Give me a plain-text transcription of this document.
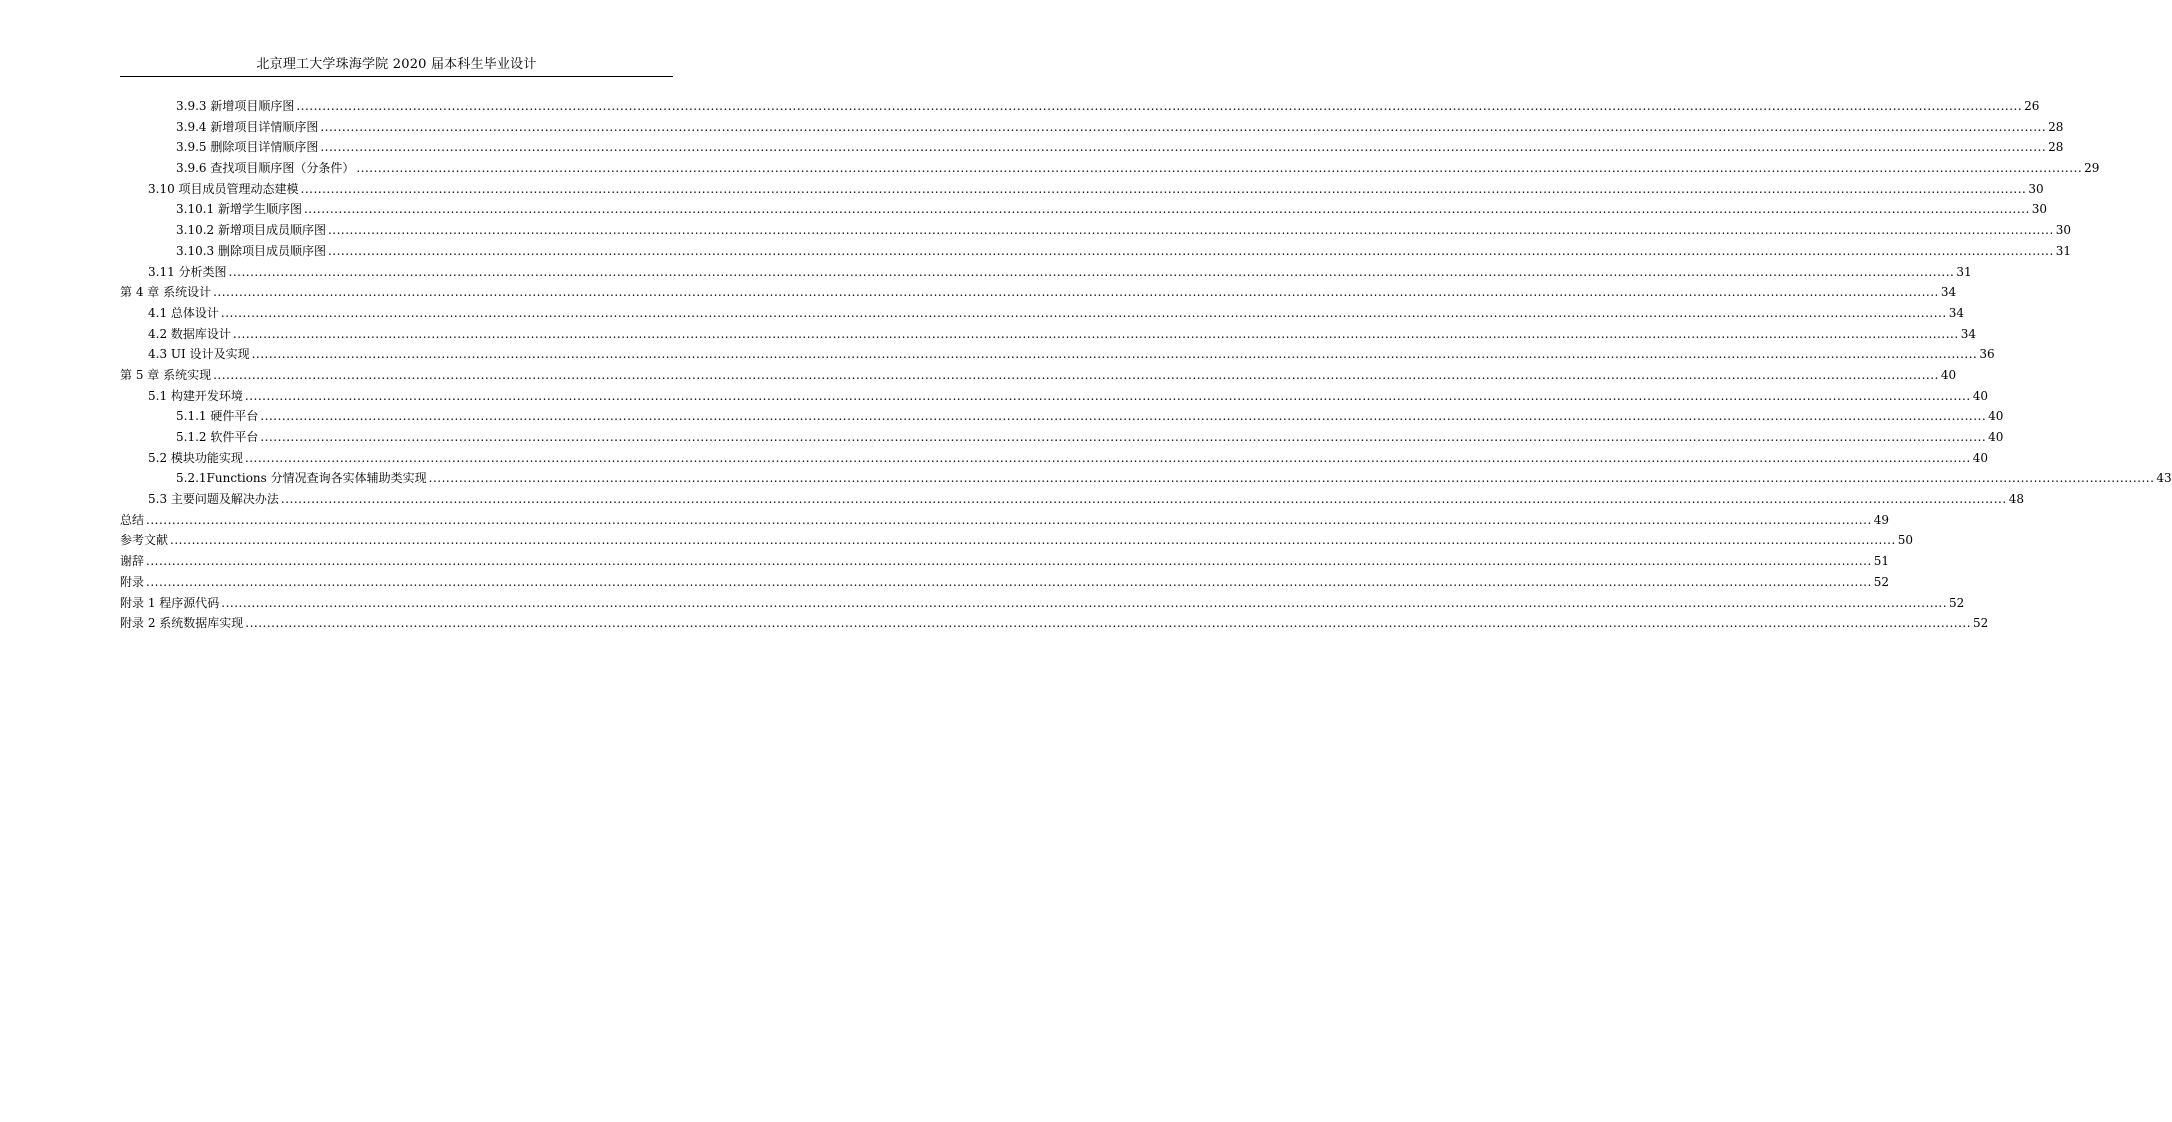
北京理工大学珠海学院 2020 届本科生毕业设计
3.9.3 新增项目顺序图 ................................................................................................................................................................................................................................................................................................................................................................................................................ 26
3.9.4 新增项目详情顺序图 ................................................................................................................................................................................................................................................................................................................................................................................................................ 28
3.9.5 删除项目详情顺序图 ................................................................................................................................................................................................................................................................................................................................................................................................................ 28
3.9.6 查找项目顺序图（分条件） ................................................................................................................................................................................................................................................................................................................................................................................................................ 29
3.10 项目成员管理动态建模 ................................................................................................................................................................................................................................................................................................................................................................................................................ 30
3.10.1 新增学生顺序图 ................................................................................................................................................................................................................................................................................................................................................................................................................ 30
3.10.2 新增项目成员顺序图 ................................................................................................................................................................................................................................................................................................................................................................................................................ 30
3.10.3 删除项目成员顺序图 ................................................................................................................................................................................................................................................................................................................................................................................................................ 31
3.11 分析类图 ................................................................................................................................................................................................................................................................................................................................................................................................................ 31
第 4 章 系统设计 ................................................................................................................................................................................................................................................................................................................................................................................................................ 34
4.1 总体设计 ................................................................................................................................................................................................................................................................................................................................................................................................................ 34
4.2 数据库设计 ................................................................................................................................................................................................................................................................................................................................................................................................................ 34
4.3 UI 设计及实现 ................................................................................................................................................................................................................................................................................................................................................................................................................ 36
第 5 章 系统实现 ................................................................................................................................................................................................................................................................................................................................................................................................................ 40
5.1 构建开发环境 ................................................................................................................................................................................................................................................................................................................................................................................................................ 40
5.1.1 硬件平台 ................................................................................................................................................................................................................................................................................................................................................................................................................ 40
5.1.2 软件平台 ................................................................................................................................................................................................................................................................................................................................................................................................................ 40
5.2 模块功能实现 ................................................................................................................................................................................................................................................................................................................................................................................................................ 40
5.2.1Functions 分情况查询各实体辅助类实现 ................................................................................................................................................................................................................................................................................................................................................................................................................ 43
5.3 主要问题及解决办法 ................................................................................................................................................................................................................................................................................................................................................................................................................ 48
总结 ................................................................................................................................................................................................................................................................................................................................................................................................................ 49
参考文献 ................................................................................................................................................................................................................................................................................................................................................................................................................ 50
谢辞 ................................................................................................................................................................................................................................................................................................................................................................................................................ 51
附录 ................................................................................................................................................................................................................................................................................................................................................................................................................ 52
附录 1 程序源代码 ................................................................................................................................................................................................................................................................................................................................................................................................................ 52
附录 2 系统数据库实现 ................................................................................................................................................................................................................................................................................................................................................................................................................ 52
